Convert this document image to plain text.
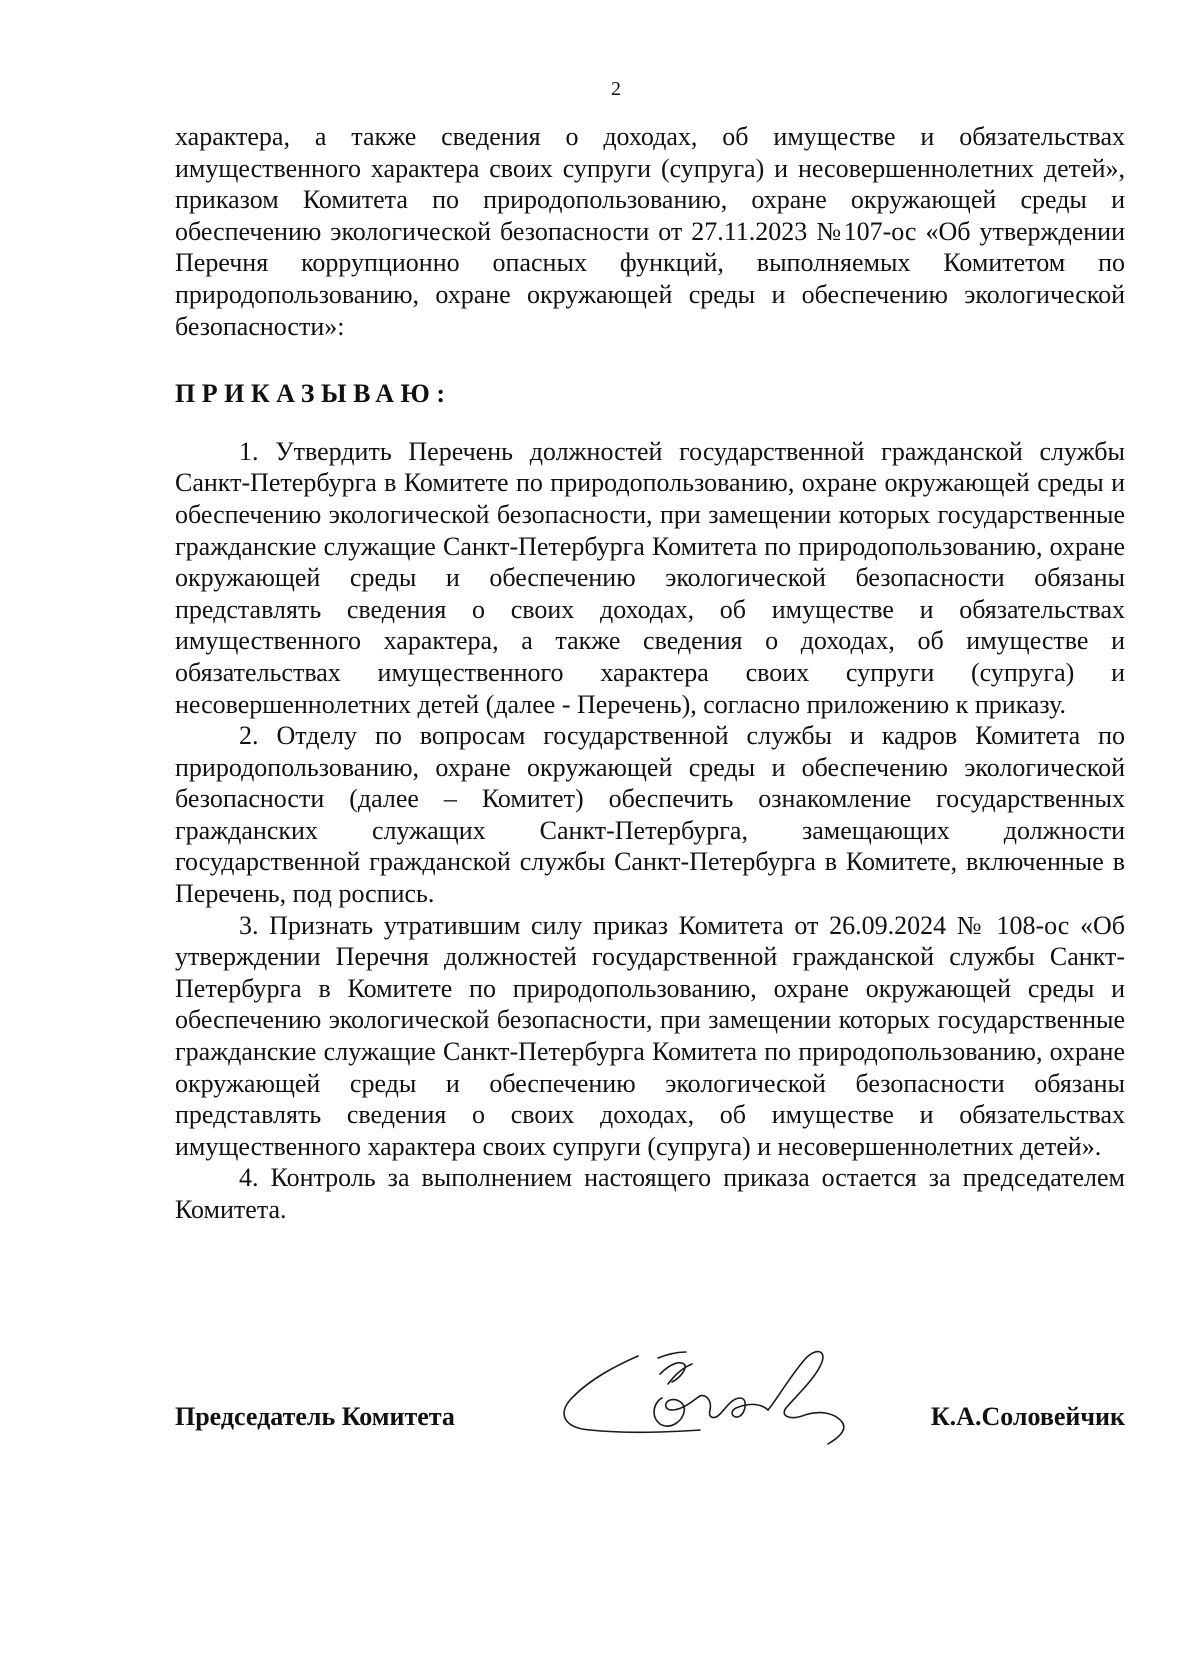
2

характера, а также сведения о доходах, об имуществе и обязательствах имущественного характера своих супруги (супруга) и несовершеннолетних детей», приказом Комитета по природопользованию, охране окружающей среды и обеспечению экологической безопасности от 27.11.2023 №107-ос «Об утверждении Перечня коррупционно опасных функций, выполняемых Комитетом по природопользованию, охране окружающей среды и обеспечению экологической безопасности»:

ПРИКАЗЫВАЮ:

1. Утвердить Перечень должностей государственной гражданской службы Санкт-Петербурга в Комитете по природопользованию, охране окружающей среды и обеспечению экологической безопасности, при замещении которых государственные гражданские служащие Санкт-Петербурга Комитета по природопользованию, охране окружающей среды и обеспечению экологической безопасности обязаны представлять сведения о своих доходах, об имуществе и обязательствах имущественного характера, а также сведения о доходах, об имуществе и обязательствах имущественного характера своих супруги (супруга) и несовершеннолетних детей (далее - Перечень), согласно приложению к приказу.

2. Отделу по вопросам государственной службы и кадров Комитета по природопользованию, охране окружающей среды и обеспечению экологической безопасности (далее – Комитет) обеспечить ознакомление государственных гражданских служащих Санкт-Петербурга, замещающих должности государственной гражданской службы Санкт-Петербурга в Комитете, включенные в Перечень, под роспись.

3. Признать утратившим силу приказ Комитета от 26.09.2024 № 108-ос «Об утверждении Перечня должностей государственной гражданской службы Санкт-Петербурга в Комитете по природопользованию, охране окружающей среды и обеспечению экологической безопасности, при замещении которых государственные гражданские служащие Санкт-Петербурга Комитета по природопользованию, охране окружающей среды и обеспечению экологической безопасности обязаны представлять сведения о своих доходах, об имуществе и обязательствах имущественного характера своих супруги (супруга) и несовершеннолетних детей».

4. Контроль за выполнением настоящего приказа остается за председателем Комитета.

Председатель Комитета	К.А.Соловейчик
